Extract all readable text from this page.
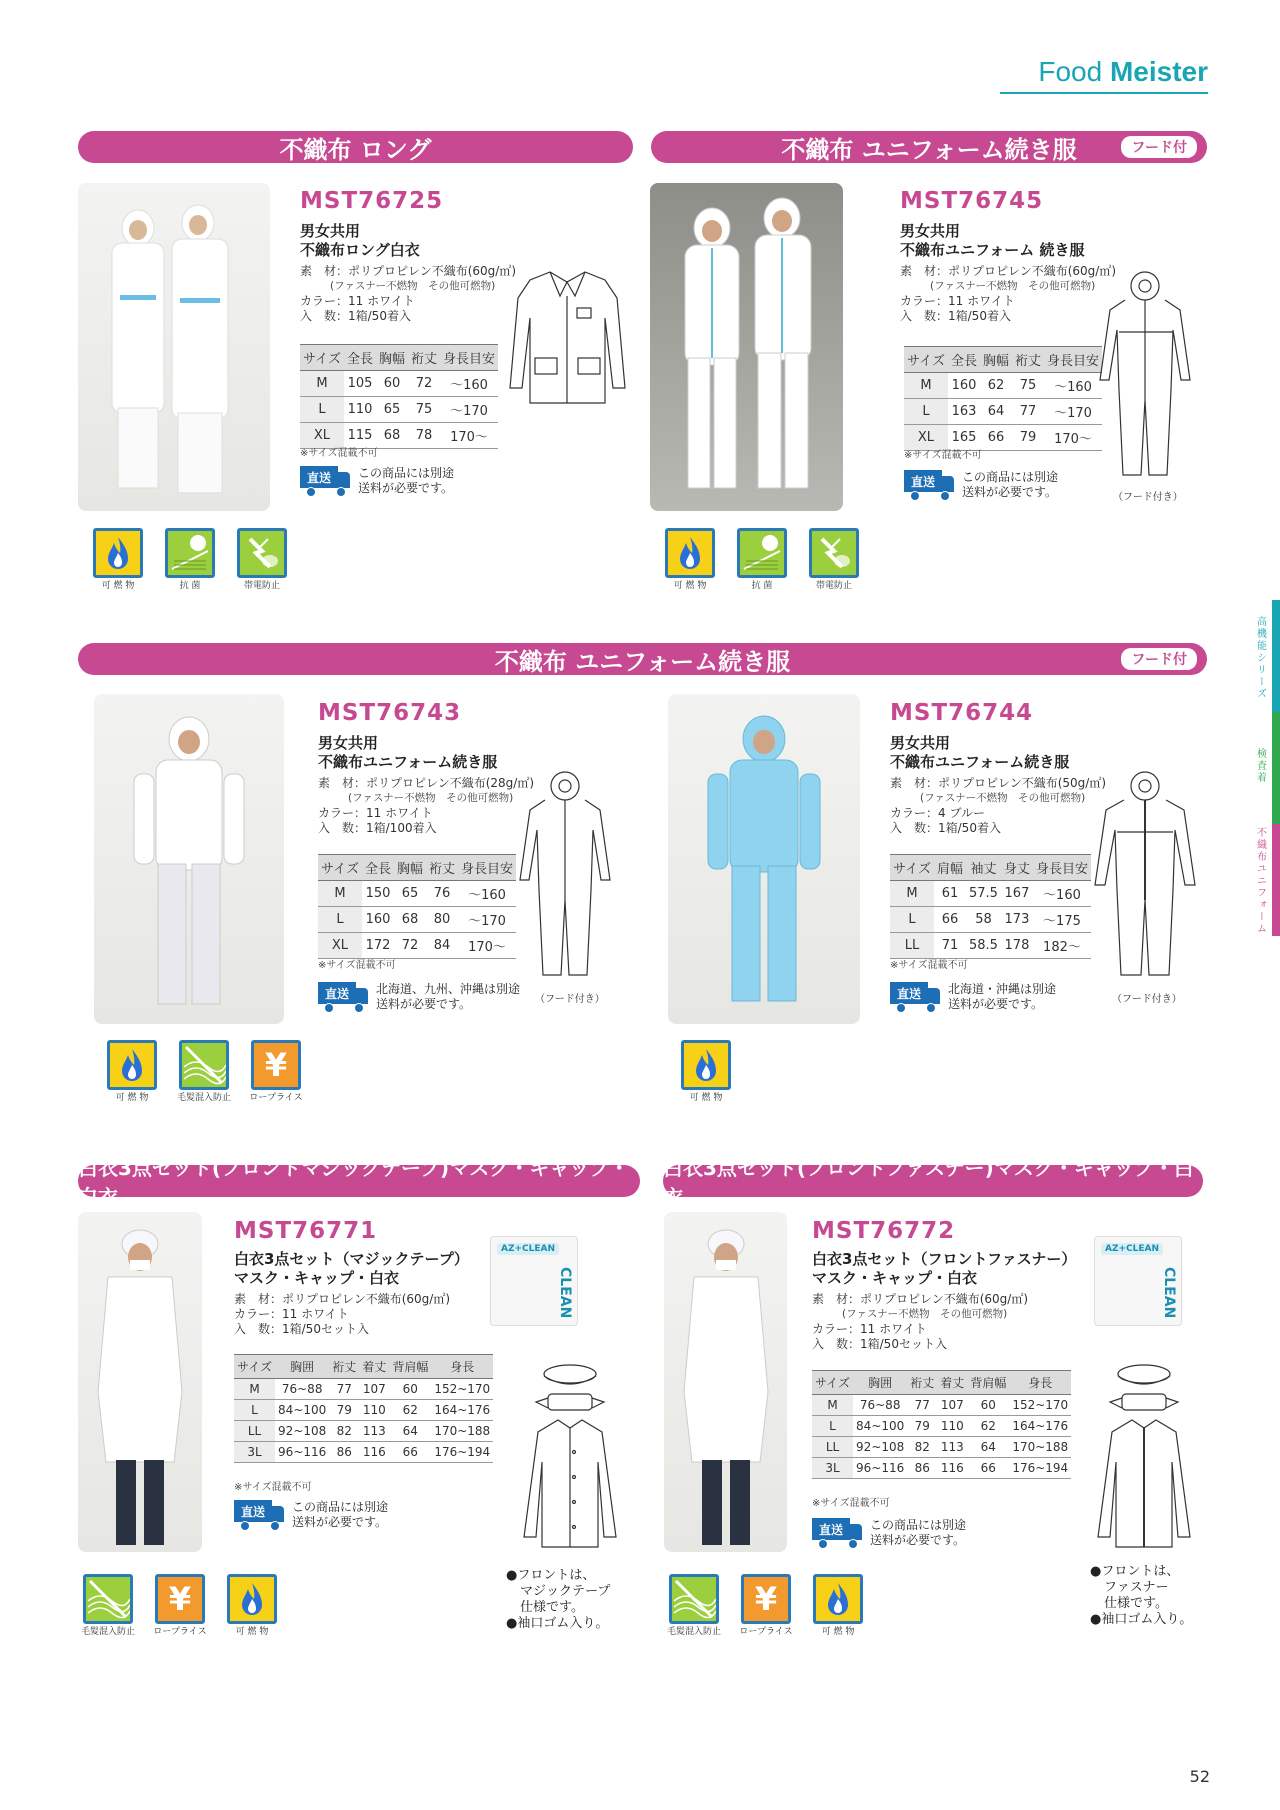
Food Meister
高機能シリーズ
検査着
不織布ユニフォーム
不織布 ロング	不織布 ユニフォーム続き服	フード付
不織布 ユニフォーム続き服	フード付
白衣3点セット(フロントマジックテープ)マスク・キャップ・白衣
白衣3点セット(フロントファスナー)マスク・キャップ・白衣
MST76725
男女共用
不織布ロング白衣
素　材：ポリプロピレン不織布(60g/㎡)
(ファスナー不燃物　その他可燃物)
カラー：11 ホワイト
入　数：1箱/50着入
サイズ	全長	胸幅	裄丈	身長目安
M	105	60	72	～160
L	110	65	75	～170
XL	115	68	78	170～
※サイズ混載不可
直送	この商品には別途
送料が必要です。
可 燃 物	抗 菌	帯電防止
MST76745
男女共用
不織布ユニフォーム 続き服
素　材：ポリプロピレン不織布(60g/㎡)
(ファスナー不燃物　その他可燃物)
カラー：11 ホワイト
入　数：1箱/50着入
サイズ	全長	胸幅	裄丈	身長目安
M	160	62	75	～160
L	163	64	77	～170
XL	165	66	79	170～
※サイズ混載不可
直送	この商品には別途
送料が必要です。	（フード付き）
可 燃 物	抗 菌	帯電防止
MST76743
男女共用
不織布ユニフォーム続き服
素　材：ポリプロピレン不織布(28g/㎡)
(ファスナー不燃物　その他可燃物)
カラー：11 ホワイト
入　数：1箱/100着入
サイズ	全長	胸幅	裄丈	身長目安
M	150	65	76	～160
L	160	68	80	～170
XL	172	72	84	170～
※サイズ混載不可
直送	北海道、九州、沖縄は別途
送料が必要です。	（フード付き）
可 燃 物	毛髪混入防止
¥
ロープライス
MST76744
男女共用
不織布ユニフォーム続き服
素　材：ポリプロピレン不織布(50g/㎡)
(ファスナー不燃物　その他可燃物)
カラー：4 ブルー
入　数：1箱/50着入
サイズ	肩幅	袖丈	身丈	身長目安
M	61	57.5	167	～160
L	66	58	173	～175
LL	71	58.5	178	182～
※サイズ混載不可
直送	北海道・沖縄は別途
送料が必要です。	（フード付き）
可 燃 物
MST76771
白衣3点セット（マジックテープ）
マスク・キャップ・白衣
素　材：ポリプロピレン不織布(60g/㎡)
カラー：11 ホワイト
入　数：1箱/50セット入
AZ+CLEAN
CLEAN
サイズ	胸囲	裄丈	着丈	背肩幅	身長
M	76~88	77	107	60	152~170
L	84~100	79	110	62	164~176
LL	92~108	82	113	64	170~188
3L	96~116	86	116	66	176~194
※サイズ混載不可
直送	この商品には別途
送料が必要です。
●フロントは、
マジックテープ
仕様です。
●袖口ゴム入り。
毛髪混入防止
¥
ロープライス	可 燃 物
MST76772
白衣3点セット（フロントファスナー）
マスク・キャップ・白衣
素　材：ポリプロピレン不織布(60g/㎡)
(ファスナー不燃物　その他可燃物)
カラー：11 ホワイト
入　数：1箱/50セット入
AZ+CLEAN
CLEAN
サイズ	胸囲	裄丈	着丈	背肩幅	身長
M	76~88	77	107	60	152~170
L	84~100	79	110	62	164~176
LL	92~108	82	113	64	170~188
3L	96~116	86	116	66	176~194
※サイズ混載不可
直送	この商品には別途
送料が必要です。
●フロントは、
ファスナー
仕様です。
●袖口ゴム入り。
毛髪混入防止
¥
ロープライス	可 燃 物
52
